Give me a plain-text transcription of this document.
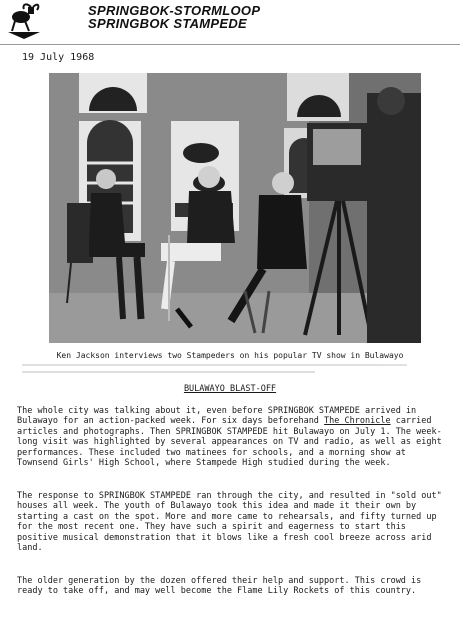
SPRINGBOK-STORMLOOP
SPRINGBOK STAMPEDE
19 July 1968
Ken Jackson interviews two Stampeders on his popular TV show in Bulawayo
BULAWAYO BLAST-OFF

The whole city was talking about it, even before SPRINGBOK STAMPEDE arrived in Bulawayo for an action-packed week. For six days beforehand The Chronicle carried articles and photographs. Then SPRINGBOK STAMPEDE hit Bulawayo on July 1. The week-long visit was highlighted by several appearances on TV and radio, as well as eight performances. These included two matinees for schools, and a morning show at Townsend Girls' High School, where Stampede High studied during the week.

The response to SPRINGBOK STAMPEDE ran through the city, and resulted in "sold out" houses all week. The youth of Bulawayo took this idea and made it their own by starting a cast on the spot. More and more came to rehearsals, and fifty turned up for the most recent one. They have such a spirit and eagerness to start this positive musical demonstration that it blows like a fresh cool breeze across arid land.

The older generation by the dozen offered their help and support. This crowd is ready to take off, and may well become the Flame Lily Rockets of this country.
